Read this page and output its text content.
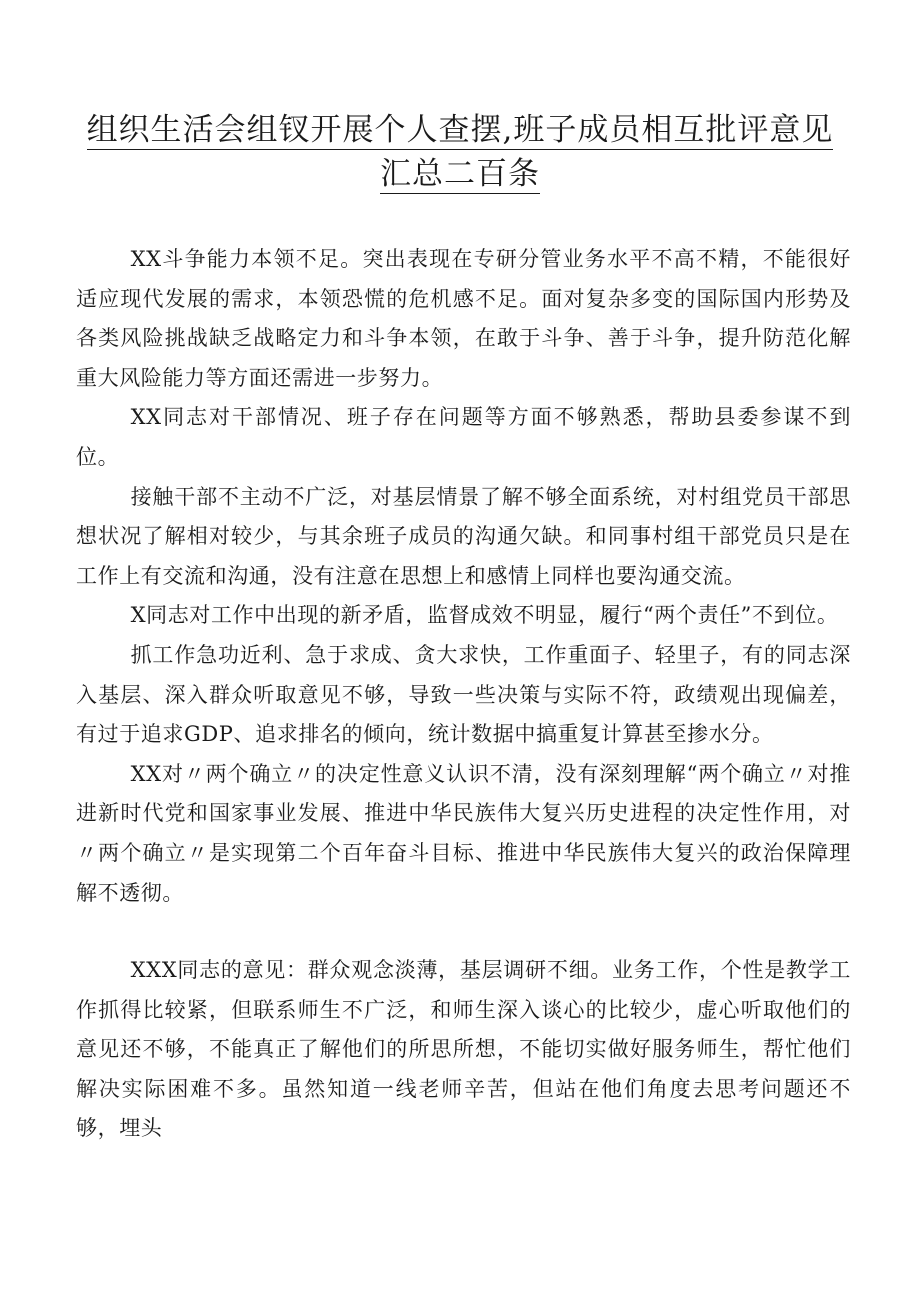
组织生活会组钗开展个人查摆,班子成员相互批评意见
汇总二百条

XX斗争能力本领不足。突出表现在专研分管业务水平不高不精，不能很好适应现代发展的需求，本领恐慌的危机感不足。面对复杂多变的国际国内形势及各类风险挑战缺乏战略定力和斗争本领，在敢于斗争、善于斗争，提升防范化解重大风险能力等方面还需进一步努力。

XX同志对干部情况、班子存在问题等方面不够熟悉，帮助县委参谋不到位。

接触干部不主动不广泛，对基层情景了解不够全面系统，对村组党员干部思想状况了解相对较少，与其余班子成员的沟通欠缺。和同事村组干部党员只是在工作上有交流和沟通，没有注意在思想上和感情上同样也要沟通交流。

X同志对工作中出现的新矛盾，监督成效不明显，履行“两个责任”不到位。

抓工作急功近利、急于求成、贪大求快，工作重面子、轻里子，有的同志深入基层、深入群众听取意见不够，导致一些决策与实际不符，政绩观出现偏差，有过于追求GDP、追求排名的倾向，统计数据中搞重复计算甚至掺水分。

XX对〃两个确立〃的决定性意义认识不清，没有深刻理解“两个确立〃对推进新时代党和国家事业发展、推进中华民族伟大复兴历史进程的决定性作用，对〃两个确立〃是实现第二个百年奋斗目标、推进中华民族伟大复兴的政治保障理解不透彻。

XXX同志的意见：群众观念淡薄，基层调研不细。业务工作，个性是教学工作抓得比较紧，但联系师生不广泛，和师生深入谈心的比较少，虚心听取他们的意见还不够，不能真正了解他们的所思所想，不能切实做好服务师生，帮忙他们解决实际困难不多。虽然知道一线老师辛苦，但站在他们角度去思考问题还不够，埋头
